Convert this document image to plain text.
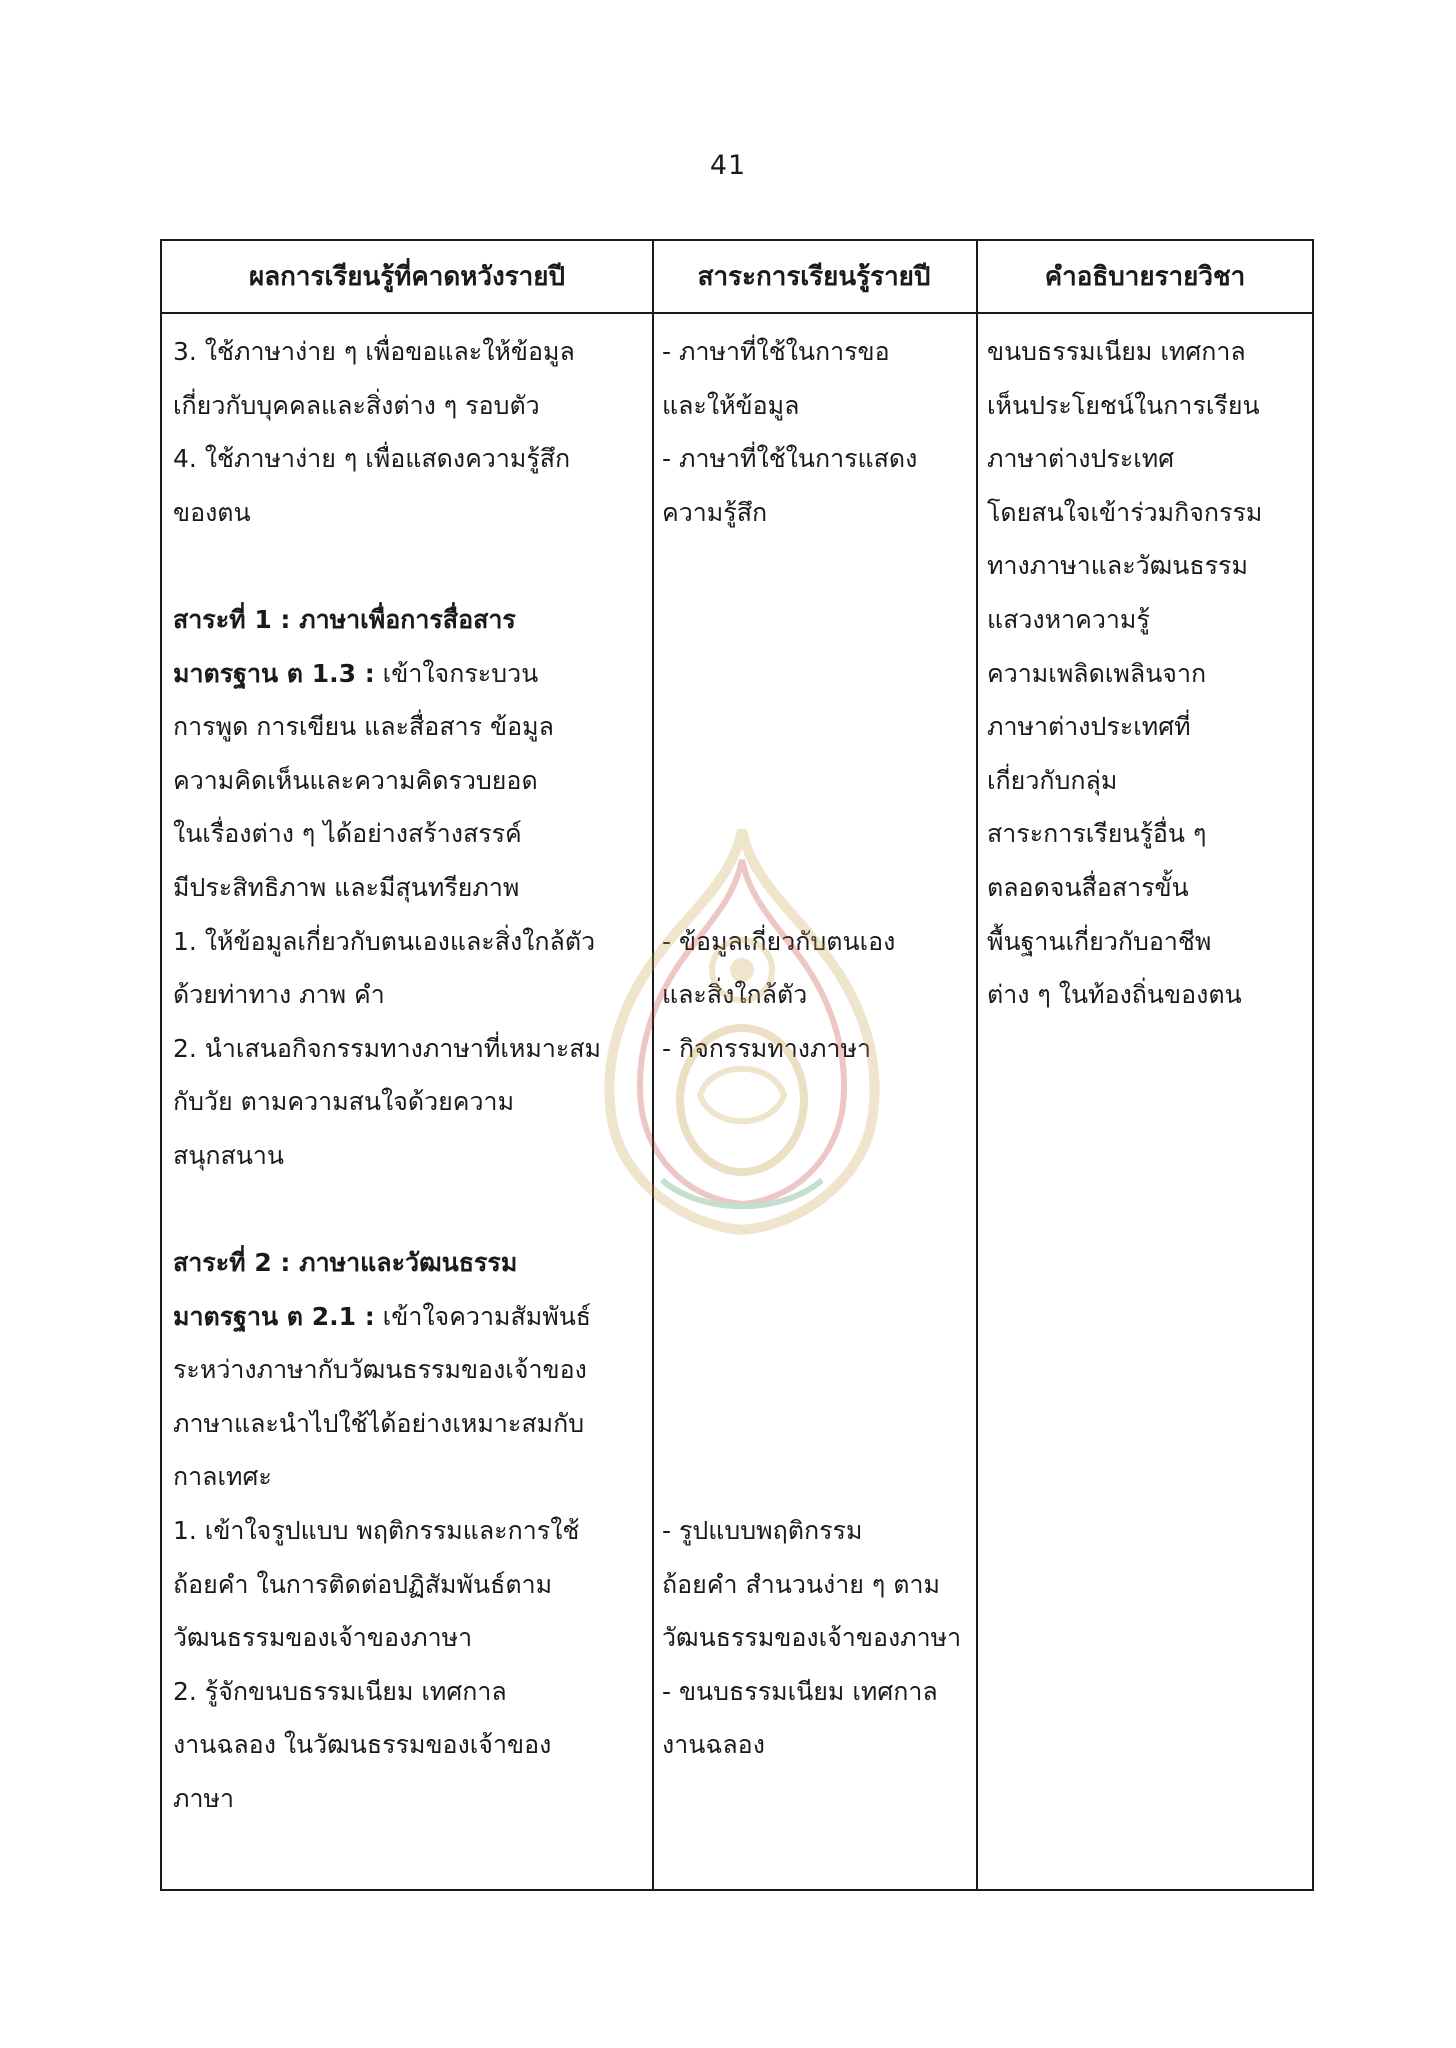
41
ผลการเรียนรู้ที่คาดหวังรายปี	สาระการเรียนรู้รายปี	คำอธิบายรายวิชา
3. ใช้ภาษาง่าย ๆ เพื่อขอและให้ข้อมูล
เกี่ยวกับบุคคลและสิ่งต่าง ๆ รอบตัว
4. ใช้ภาษาง่าย ๆ เพื่อแสดงความรู้สึก
ของตน
สาระที่ 1 : ภาษาเพื่อการสื่อสาร
มาตรฐาน ต 1.3 : เข้าใจกระบวน
การพูด การเขียน และสื่อสาร ข้อมูล
ความคิดเห็นและความคิดรวบยอด
ในเรื่องต่าง ๆ ได้อย่างสร้างสรรค์
มีประสิทธิภาพ และมีสุนทรียภาพ
1. ให้ข้อมูลเกี่ยวกับตนเองและสิ่งใกล้ตัว
ด้วยท่าทาง ภาพ คำ
2. นำเสนอกิจกรรมทางภาษาที่เหมาะสม
กับวัย ตามความสนใจด้วยความ
สนุกสนาน
สาระที่ 2 : ภาษาและวัฒนธรรม
มาตรฐาน ต 2.1 : เข้าใจความสัมพันธ์
ระหว่างภาษากับวัฒนธรรมของเจ้าของ
ภาษาและนำไปใช้ได้อย่างเหมาะสมกับ
กาลเทศะ
1. เข้าใจรูปแบบ พฤติกรรมและการใช้
ถ้อยคำ ในการติดต่อปฏิสัมพันธ์ตาม
วัฒนธรรมของเจ้าของภาษา
2. รู้จักขนบธรรมเนียม เทศกาล
งานฉลอง ในวัฒนธรรมของเจ้าของ
ภาษา
- ภาษาที่ใช้ในการขอ
และให้ข้อมูล
- ภาษาที่ใช้ในการแสดง
ความรู้สึก
- ข้อมูลเกี่ยวกับตนเอง
และสิ่งใกล้ตัว
- กิจกรรมทางภาษา
- รูปแบบพฤติกรรม
ถ้อยคำ สำนวนง่าย ๆ ตาม
วัฒนธรรมของเจ้าของภาษา
- ขนบธรรมเนียม เทศกาล
งานฉลอง
ขนบธรรมเนียม เทศกาล
เห็นประโยชน์ในการเรียน
ภาษาต่างประเทศ
โดยสนใจเข้าร่วมกิจกรรม
ทางภาษาและวัฒนธรรม
แสวงหาความรู้
ความเพลิดเพลินจาก
ภาษาต่างประเทศที่
เกี่ยวกับกลุ่ม
สาระการเรียนรู้อื่น ๆ
ตลอดจนสื่อสารขั้น
พื้นฐานเกี่ยวกับอาชีพ
ต่าง ๆ ในท้องถิ่นของตน
